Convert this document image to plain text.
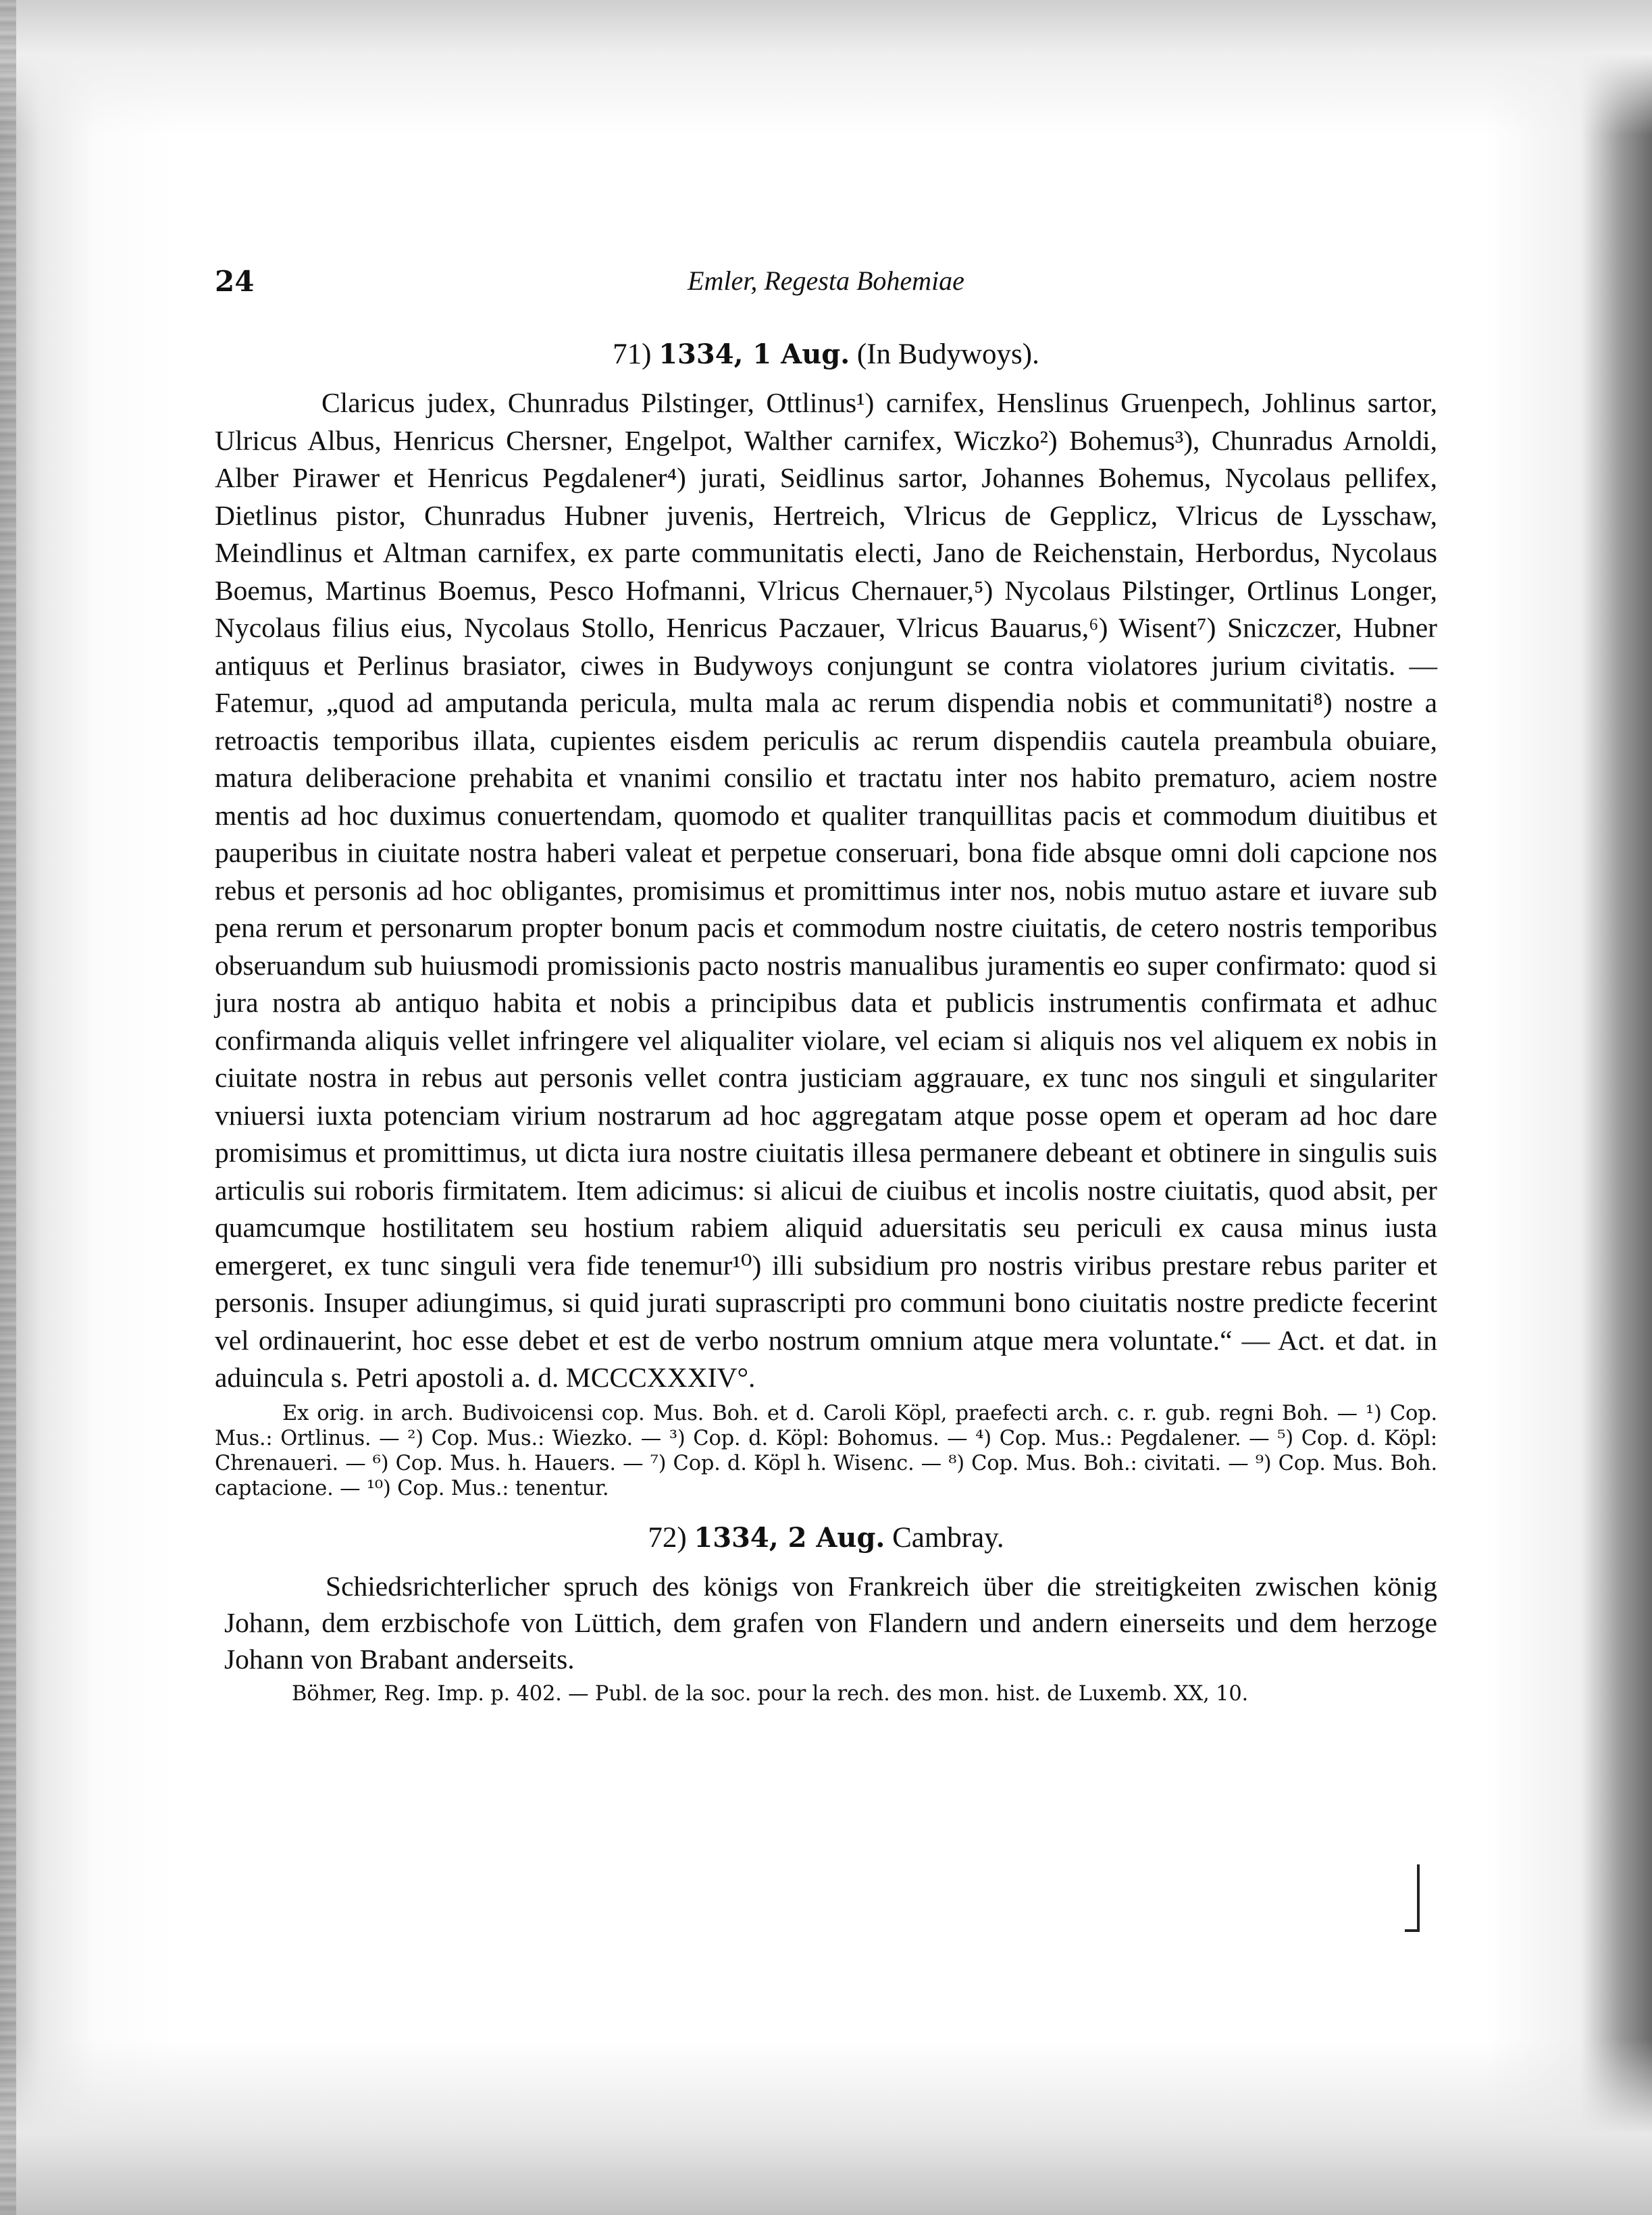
24	Emler, Regesta Bohemiae
71) 1334, 1 Aug. (In Budywoys).

Claricus judex, Chunradus Pilstinger, Ottlinus¹) carnifex, Henslinus Gruenpech, Johlinus sartor, Ulricus Albus, Henricus Chersner, Engelpot, Walther carnifex, Wiczko²) Bohemus³), Chunradus Arnoldi, Alber Pirawer et Henricus Pegdalener⁴) jurati, Seidlinus sartor, Johannes Bohemus, Nycolaus pellifex, Dietlinus pistor, Chunradus Hubner juvenis, Hertreich, Vlricus de Gepplicz, Vlricus de Lysschaw, Meindlinus et Altman carnifex, ex parte communitatis electi, Jano de Reichenstain, Herbordus, Nycolaus Boemus, Martinus Boemus, Pesco Hofmanni, Vlricus Chernauer,⁵) Nycolaus Pilstinger, Ortlinus Longer, Nycolaus filius eius, Nycolaus Stollo, Henricus Paczauer, Vlricus Bauarus,⁶) Wisent⁷) Sniczczer, Hubner antiquus et Perlinus brasiator, ciwes in Budywoys conjungunt se contra violatores jurium civitatis. — Fatemur, „quod ad amputanda pericula, multa mala ac rerum dispendia nobis et communitati⁸) nostre a retroactis temporibus illata, cupientes eisdem periculis ac rerum dispendiis cautela preambula obuiare, matura deliberacione prehabita et vnanimi consilio et tractatu inter nos habito prematuro, aciem nostre mentis ad hoc duximus conuertendam, quomodo et qualiter tranquillitas pacis et commodum diuitibus et pauperibus in ciuitate nostra haberi valeat et perpetue conseruari, bona fide absque omni doli capcione nos rebus et personis ad hoc obligantes, promisimus et promittimus inter nos, nobis mutuo astare et iuvare sub pena rerum et personarum propter bonum pacis et commodum nostre ciuitatis, de cetero nostris temporibus obseruandum sub huiusmodi promissionis pacto nostris manualibus juramentis eo super confirmato: quod si jura nostra ab antiquo habita et nobis a principibus data et publicis instrumentis confirmata et adhuc confirmanda aliquis vellet infringere vel aliqualiter violare, vel eciam si aliquis nos vel aliquem ex nobis in ciuitate nostra in rebus aut personis vellet contra justiciam aggrauare, ex tunc nos singuli et singulariter vniuersi iuxta potenciam virium nostrarum ad hoc aggregatam atque posse opem et operam ad hoc dare promisimus et promittimus, ut dicta iura nostre ciuitatis illesa permanere debeant et obtinere in singulis suis articulis sui roboris firmitatem. Item adicimus: si alicui de ciuibus et incolis nostre ciuitatis, quod absit, per quamcumque hostilitatem seu hostium rabiem aliquid aduersitatis seu periculi ex causa minus iusta emergeret, ex tunc singuli vera fide tenemur¹⁰) illi subsidium pro nostris viribus prestare rebus pariter et personis. Insuper adiungimus, si quid jurati suprascripti pro communi bono ciuitatis nostre predicte fecerint vel ordinauerint, hoc esse debet et est de verbo nostrum omnium atque mera voluntate.“ — Act. et dat. in aduincula s. Petri apostoli a. d. MCCCXXXIV°.

Ex orig. in arch. Budivoicensi cop. Mus. Boh. et d. Caroli Köpl, praefecti arch. c. r. gub. regni Boh. — ¹) Cop. Mus.: Ortlinus. — ²) Cop. Mus.: Wiezko. — ³) Cop. d. Köpl: Bohomus. — ⁴) Cop. Mus.: Pegdalener. — ⁵) Cop. d. Köpl: Chrenaueri. — ⁶) Cop. Mus. h. Hauers. — ⁷) Cop. d. Köpl h. Wisenc. — ⁸) Cop. Mus. Boh.: civitati. — ⁹) Cop. Mus. Boh. captacione. — ¹⁰) Cop. Mus.: tenentur.

72) 1334, 2 Aug. Cambray.

Schiedsrichterlicher spruch des königs von Frankreich über die streitigkeiten zwischen könig Johann, dem erzbischofe von Lüttich, dem grafen von Flandern und andern einerseits und dem herzoge Johann von Brabant anderseits.

Böhmer, Reg. Imp. p. 402. — Publ. de la soc. pour la rech. des mon. hist. de Luxemb. XX, 10.
